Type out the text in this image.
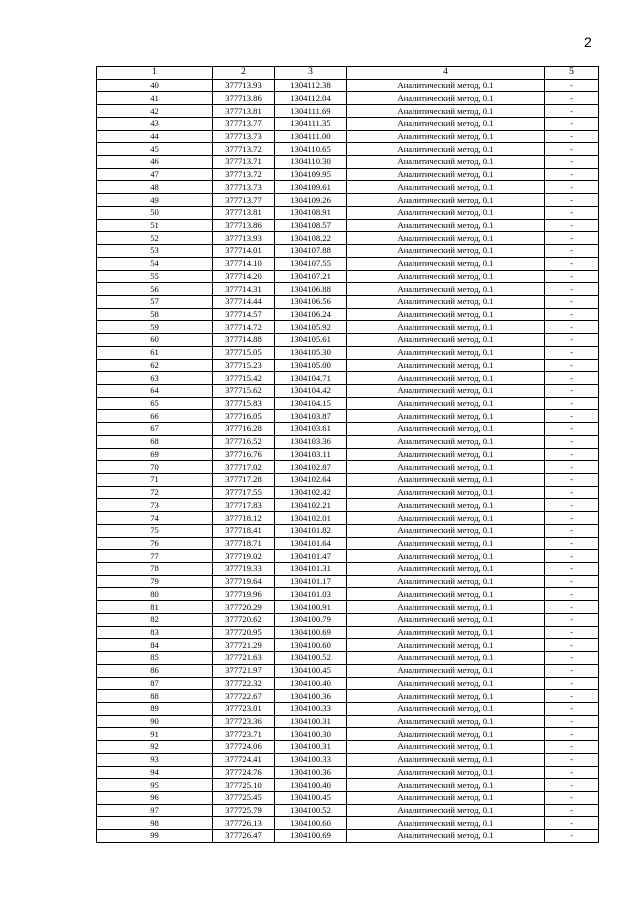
2
1	2	3	4	5
40	377713.93	1304112.38	Аналитический метод, 0.1	-
41	377713.86	1304112.04	Аналитический метод, 0.1	-
42	377713.81	1304111.69	Аналитический метод, 0.1	-
43	377713.77	1304111.35	Аналитический метод, 0.1	-
44	377713.73	1304111.00	Аналитический метод, 0.1	-
45	377713.72	1304110.65	Аналитический метод, 0.1	-
46	377713.71	1304110.30	Аналитический метод, 0.1	-
47	377713.72	1304109.95	Аналитический метод, 0.1	-
48	377713.73	1304109.61	Аналитический метод, 0.1	-
49	377713.77	1304109.26	Аналитический метод, 0.1	-
50	377713.81	1304108.91	Аналитический метод, 0.1	-
51	377713.86	1304108.57	Аналитический метод, 0.1	-
52	377713.93	1304108.22	Аналитический метод, 0.1	-
53	377714.01	1304107.88	Аналитический метод, 0.1	-
54	377714.10	1304107.55	Аналитический метод, 0.1	-
55	377714.20	1304107.21	Аналитический метод, 0.1	-
56	377714.31	1304106.88	Аналитический метод, 0.1	-
57	377714.44	1304106.56	Аналитический метод, 0.1	-
58	377714.57	1304106.24	Аналитический метод, 0.1	-
59	377714.72	1304105.92	Аналитический метод, 0.1	-
60	377714.88	1304105.61	Аналитический метод, 0.1	-
61	377715.05	1304105.30	Аналитический метод, 0.1	-
62	377715.23	1304105.00	Аналитический метод, 0.1	-
63	377715.42	1304104.71	Аналитический метод, 0.1	-
64	377715.62	1304104.42	Аналитический метод, 0.1	-
65	377715.83	1304104.15	Аналитический метод, 0.1	-
66	377716.05	1304103.87	Аналитический метод, 0.1	-
67	377716.28	1304103.61	Аналитический метод, 0.1	-
68	377716.52	1304103.36	Аналитический метод, 0.1	-
69	377716.76	1304103.11	Аналитический метод, 0.1	-
70	377717.02	1304102.87	Аналитический метод, 0.1	-
71	377717.28	1304102.64	Аналитический метод, 0.1	-
72	377717.55	1304102.42	Аналитический метод, 0.1	-
73	377717.83	1304102.21	Аналитический метод, 0.1	-
74	377718.12	1304102.01	Аналитический метод, 0.1	-
75	377718.41	1304101.82	Аналитический метод, 0.1	-
76	377718.71	1304101.64	Аналитический метод, 0.1	-
77	377719.02	1304101.47	Аналитический метод, 0.1	-
78	377719.33	1304101.31	Аналитический метод, 0.1	-
79	377719.64	1304101.17	Аналитический метод, 0.1	-
80	377719.96	1304101.03	Аналитический метод, 0.1	-
81	377720.29	1304100.91	Аналитический метод, 0.1	-
82	377720.62	1304100.79	Аналитический метод, 0.1	-
83	377720.95	1304100.69	Аналитический метод, 0.1	-
84	377721.29	1304100.60	Аналитический метод, 0.1	-
85	377721.63	1304100.52	Аналитический метод, 0.1	-
86	377721.97	1304100.45	Аналитический метод, 0.1	-
87	377722.32	1304100.40	Аналитический метод, 0.1	-
88	377722.67	1304100.36	Аналитический метод, 0.1	-
89	377723.01	1304100.33	Аналитический метод, 0.1	-
90	377723.36	1304100.31	Аналитический метод, 0.1	-
91	377723.71	1304100.30	Аналитический метод, 0.1	-
92	377724.06	1304100.31	Аналитический метод, 0.1	-
93	377724.41	1304100.33	Аналитический метод, 0.1	-
94	377724.76	1304100.36	Аналитический метод, 0.1	-
95	377725.10	1304100.40	Аналитический метод, 0.1	-
96	377725.45	1304100.45	Аналитический метод, 0.1	-
97	377725.79	1304100.52	Аналитический метод, 0.1	-
98	377726.13	1304100.60	Аналитический метод, 0.1	-
99	377726.47	1304100.69	Аналитический метод, 0.1	-
